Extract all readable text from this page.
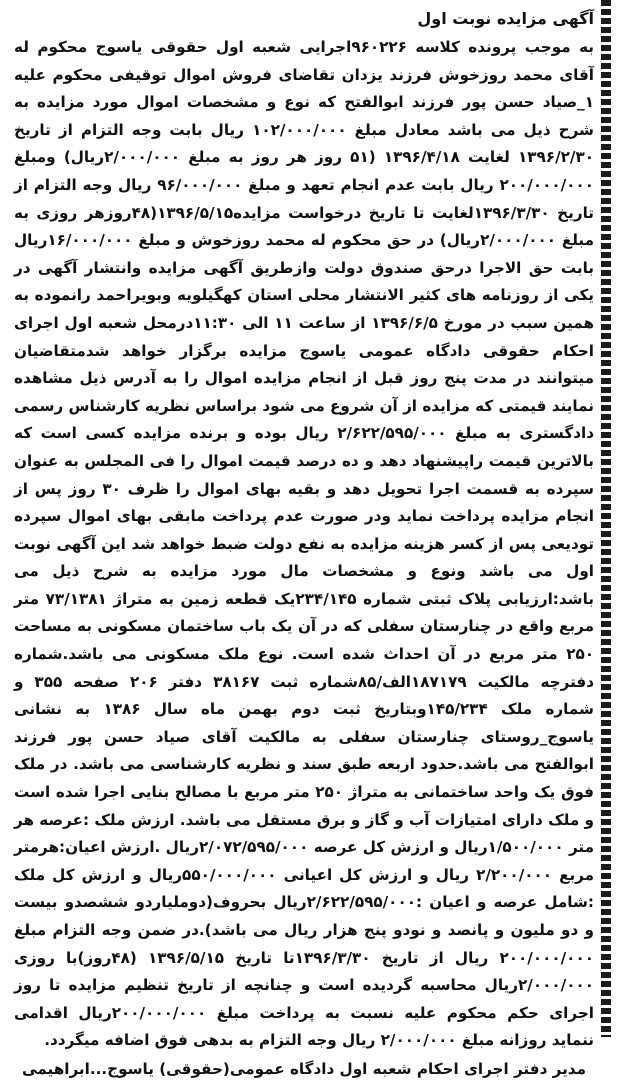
آگهی مزایده نوبت اول

به موجب پرونده کلاسه ۹۶۰۲۲۶اجرایی شعبه اول حقوقی یاسوج محکوم له آقای محمد روزخوش فرزند یزدان تقاضای فروش اموال توقیفی محکوم علیه ۱_صیاد حسن پور فرزند ابوالفتح که نوع و مشخصات اموال مورد مزایده به شرح ذیل می باشد معادل مبلغ ۱۰۲/۰۰۰/۰۰۰ ریال بابت وجه التزام از تاریخ ۱۳۹۶/۲/۳۰ لغایت ۱۳۹۶/۴/۱۸ (۵۱ روز هر روز به مبلغ ۲/۰۰۰/۰۰۰ریال) ومبلغ ۲۰۰/۰۰۰/۰۰۰ ریال بابت عدم انجام تعهد و مبلغ ۹۶/۰۰۰/۰۰۰ ریال وجه التزام از تاریخ ۱۳۹۶/۳/۳۰لغایت تا تاریخ درخواست مزایده۱۳۹۶/۵/۱۵(۴۸روزهر روزی به مبلغ ۲/۰۰۰/۰۰۰ریال) در حق محکوم له محمد روزخوش و مبلغ ۱۶/۰۰۰/۰۰۰ریال بابت حق الاجرا درحق صندوق دولت وازطریق آگهی مزایده وانتشار آگهی در یکی از روزنامه های کثیر الانتشار محلی استان کهگیلویه وبویراحمد رانموده به همین سبب در مورخ ۱۳۹۶/۶/۵ از ساعت ۱۱ الی ۱۱:۳۰درمحل شعبه اول اجرای احکام حقوقی دادگاه عمومی یاسوج مزایده برگزار خواهد شدمتقاضیان میتوانند در مدت پنج روز قبل از انجام مزایده اموال را به آدرس ذیل مشاهده نمایند قیمتی که مزایده از آن شروع می شود براساس نظریه کارشناس رسمی دادگستری به مبلغ ۲/۶۲۲/۵۹۵/۰۰۰ ریال بوده و برنده مزایده کسی است که بالاترین قیمت راپیشنهاد دهد و ده درصد قیمت اموال را فی المجلس به عنوان سپرده به قسمت اجرا تحویل دهد و بقیه بهای اموال را ظرف ۳۰ روز پس از انجام مزایده پرداخت نماید ودر صورت عدم پرداخت مابقی بهای اموال سپرده تودیعی پس از کسر هزینه مزایده به نفع دولت ضبط خواهد شد این آگهی نوبت اول می باشد ونوع و مشخصات مال مورد مزایده به شرح ذیل می باشد:ارزیابی پلاک ثبتی شماره ۲۳۴/۱۴۵یک قطعه زمین به متراژ ۷۳/۱۳۸۱ متر مربع واقع در چنارستان سفلی که در آن یک باب ساختمان مسکونی به مساحت ۲۵۰ متر مربع در آن احداث شده است. نوع ملک مسکونی می باشد.شماره دفترچه مالکیت ۱۸۷۱۷۹الف/۸۵شماره ثبت ۳۸۱۶۷ دفتر ۲۰۶ صفحه ۳۵۵ و شماره ملک ۱۴۵/۲۳۴وبتاریخ ثبت دوم بهمن ماه سال ۱۳۸۶ به نشانی یاسوج_روستای چنارستان سفلی به مالکیت آقای صیاد حسن پور فرزند ابوالفتح می باشد.حدود اربعه طبق سند و نظریه کارشناسی می باشد. در ملک فوق یک واحد ساختمانی به متراژ ۲۵۰ متر مربع با مصالح بنایی اجرا شده است و ملک دارای امتیازات آب و گاز و برق مستقل می باشد. ارزش ملک :عرصه هر متر ۱/۵۰۰/۰۰۰ریال و ارزش کل عرصه ۲/۰۷۲/۵۹۵/۰۰۰ریال .ارزش اعیان:هرمتر مربع ۲/۲۰۰/۰۰۰ ریال و ارزش کل اعیانی ۵۵۰/۰۰۰/۰۰۰ریال و ارزش کل ملک :شامل عرصه و اعیان :۲/۶۲۲/۵۹۵/۰۰۰ریال بحروف(دوملیاردو ششصدو بیست و دو ملیون و پانصد و نودو پنج هزار ریال می باشد).در ضمن وجه التزام مبلغ ۲۰۰/۰۰۰/۰۰۰ ریال از تاریخ ۱۳۹۶/۳/۳۰تا تاریخ ۱۳۹۶/۵/۱۵ (۴۸روز)با روزی ۲/۰۰۰/۰۰۰ریال محاسبه گردیده است و چنانچه از تاریخ تنظیم مزایده تا روز اجرای حکم محکوم علیه نسبت به پرداخت مبلغ ۲۰۰/۰۰۰/۰۰۰ریال اقدامی ننماید روزانه مبلغ ۲/۰۰۰/۰۰۰ ریال وجه التزام به بدهی فوق اضافه میگردد.

مدیر دفتر اجرای احکام شعبه اول دادگاه عمومی(حقوقی) یاسوج...ابراهیمی
